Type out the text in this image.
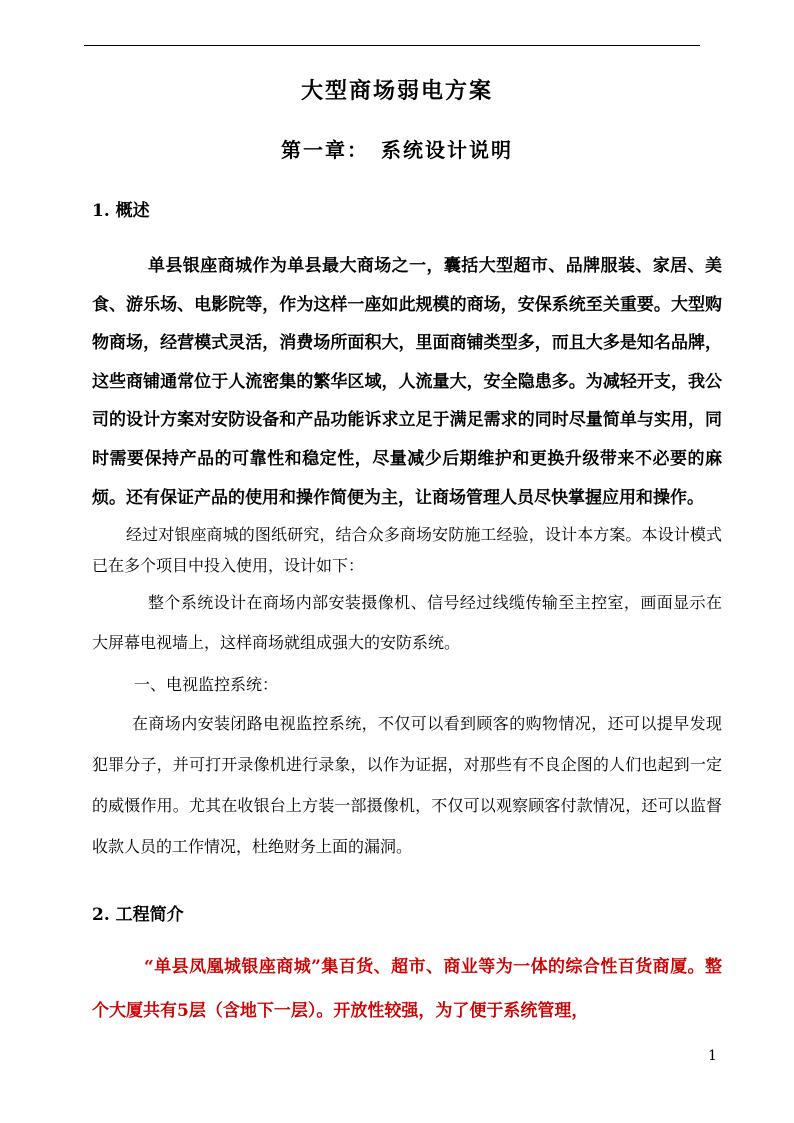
大型商场弱电方案
第一章：　系统设计说明
1. 概述

单县银座商城作为单县最大商场之一，囊括大型超市、品牌服装、家居、美食、游乐场、电影院等，作为这样一座如此规模的商场，安保系统至关重要。大型购物商场，经营模式灵活，消费场所面积大，里面商铺类型多，而且大多是知名品牌，这些商铺通常位于人流密集的繁华区域，人流量大，安全隐患多。为减轻开支，我公司的设计方案对安防设备和产品功能诉求立足于满足需求的同时尽量简单与实用，同时需要保持产品的可靠性和稳定性，尽量减少后期维护和更换升级带来不必要的麻烦。还有保证产品的使用和操作简便为主，让商场管理人员尽快掌握应用和操作。

经过对银座商城的图纸研究，结合众多商场安防施工经验，设计本方案。本设计模式已在多个项目中投入使用，设计如下：

整个系统设计在商场内部安装摄像机、信号经过线缆传输至主控室，画面显示在大屏幕电视墙上，这样商场就组成强大的安防系统。

一、电视监控系统：

在商场内安装闭路电视监控系统，不仅可以看到顾客的购物情况，还可以提早发现犯罪分子，并可打开录像机进行录象，以作为证据，对那些有不良企图的人们也起到一定的威慑作用。尤其在收银台上方装一部摄像机，不仅可以观察顾客付款情况，还可以监督收款人员的工作情况，杜绝财务上面的漏洞。

2. 工程简介

“单县凤凰城银座商城”集百货、超市、商业等为一体的综合性百货商厦。整个大厦共有5层（含地下一层）。开放性较强，为了便于系统管理，

1
